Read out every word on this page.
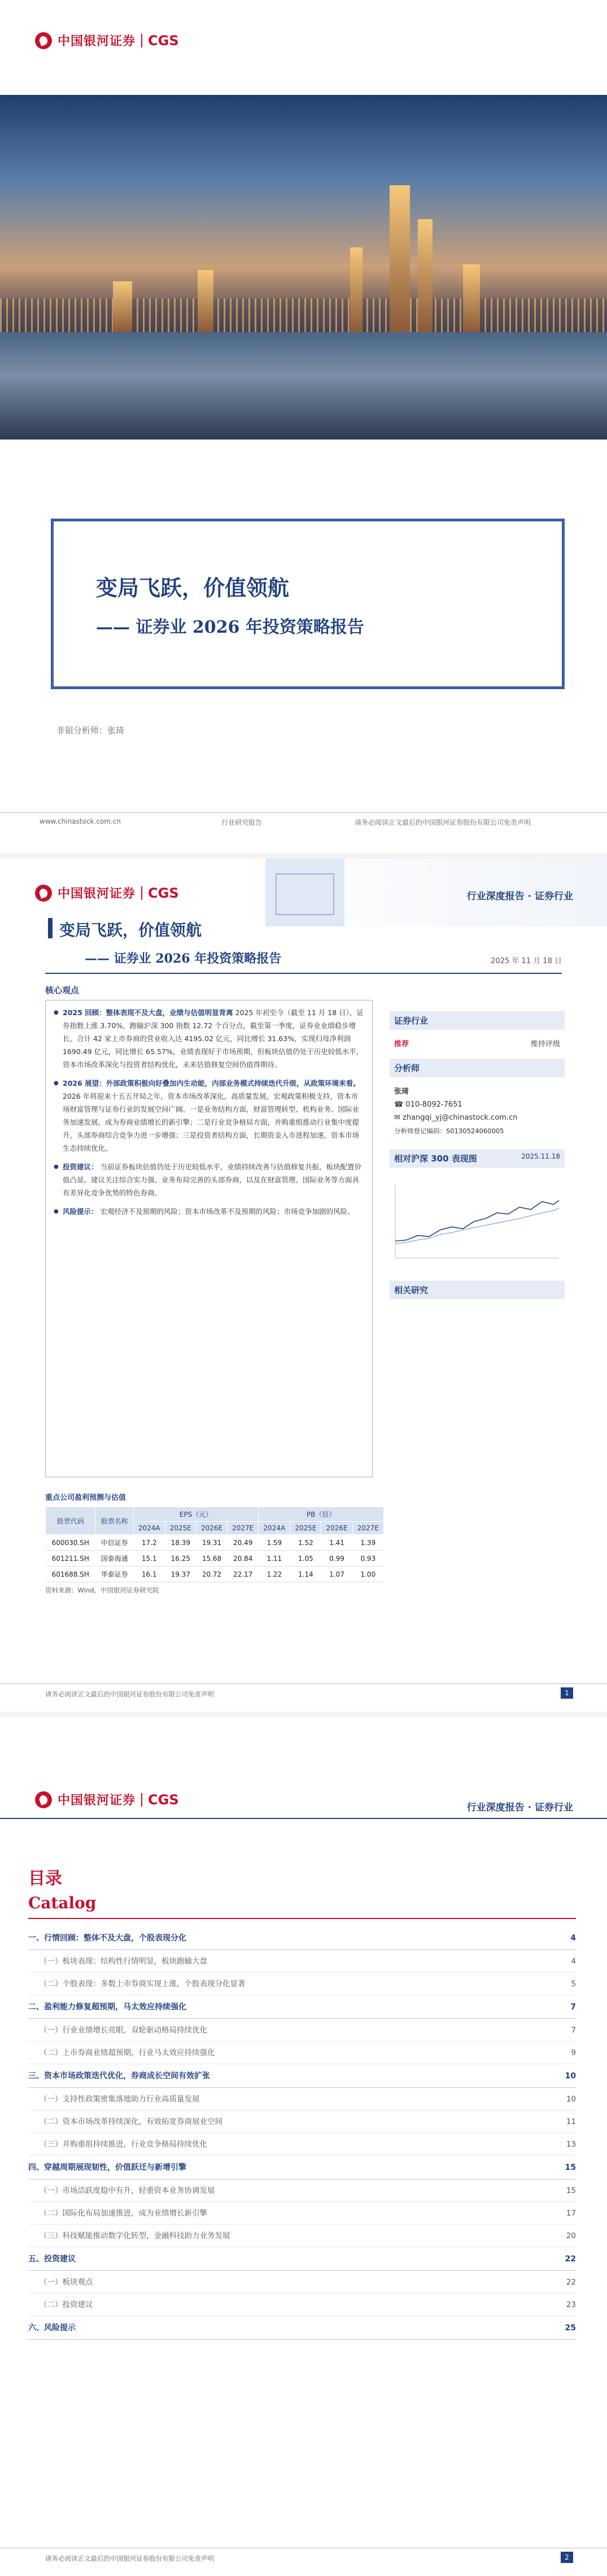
中国银河证券 CGS
变局飞跃，价值领航
—— 证券业 2026 年投资策略报告
非银分析师：张琦
www.chinastock.com.cn	行业研究报告	请务必阅读正文最后的中国银河证券股份有限公司免责声明
中国银河证券 CGS	行业深度报告 · 证券行业
变局飞跃，价值领航
—— 证券业 2026 年投资策略报告	2025 年 11 月 18 日
核心观点

● 2025 回顾：整体表现不及大盘，业绩与估值明显背离 2025 年初至今（截至 11 月 18 日），证券指数上涨 3.70%，跑输沪深 300 指数 12.72 个百分点，截至第一季度，证券业业绩稳步增长，合计 42 家上市券商的营业收入达 4195.02 亿元，同比增长 31.63%，实现归母净利润 1690.49 亿元，同比增长 65.57%，业绩表现好于市场预期，但板块估值仍处于历史较低水平，资本市场改革深化与投资者结构优化，未来估值修复空间仍值得期待。

● 2026 展望：外部政策积极向好叠加内生动能，内部业务模式持续迭代升级，从政策环境来看。 2026 年将迎来十五五开局之年，资本市场改革深化，高质量发展，宏观政策积极支持，资本市场财富管理与证券行业的发展空间广阔。一是业务结构方面，财富管理转型、机构业务、国际业务加速发展，成为券商业绩增长的新引擎；二是行业竞争格局方面，并购重组推动行业集中度提升，头部券商综合竞争力进一步增强；三是投资者结构方面，长期资金入市进程加速，资本市场生态持续优化。

● 投资建议： 当前证券板块估值仍处于历史较低水平，业绩持续改善与估值修复共振，板块配置价值凸显。建议关注综合实力强、业务布局完善的头部券商，以及在财富管理、国际业务等方面具有差异化竞争优势的特色券商。

● 风险提示： 宏观经济不及预期的风险；资本市场改革不及预期的风险；市场竞争加剧的风险。

证券行业
推荐	维持评级
分析师
张琦
☎ 010-8092-7651
✉ zhangqi_yj@chinastock.com.cn
分析师登记编码：S0130524060005
相对沪深 300 表现图	2025.11.18
相关研究
重点公司盈利预测与估值
股票代码	股票名称	EPS（元）				PB（倍）			
		2024A	2025E	2026E	2027E	2024A	2025E	2026E	2027E
600030.SH	中信证券	17.2	18.39	19.31	20.49	1.59	1.52	1.41	1.39
601211.SH	国泰海通	15.1	16.25	15.68	20.84	1.11	1.05	0.99	0.93
601688.SH	华泰证券	16.1	19.37	20.72	22.17	1.22	1.14	1.07	1.00
资料来源：Wind，中国银河证券研究院
请务必阅读正文最后的中国银河证券股份有限公司免责声明	1
中国银河证券 CGS
行业深度报告 · 证券行业
目录
Catalog
一、行情回顾：整体不及大盘，个股表现分化	4
（一）板块表现：结构性行情明显，板块跑输大盘	4
（二）个股表现：多数上市券商实现上涨，个股表现分化显著	5
二、盈利能力修复超预期，马太效应持续强化	7
（一）行业业绩增长亮眼，双轮驱动格局持续优化	7
（二）上市券商业绩超预期，行业马太效应持续强化	9
三、资本市场政策迭代优化，券商成长空间有效扩张	10
（一）支持性政策密集落地助力行业高质量发展	10
（二）资本市场改革持续深化，有效拓宽券商展业空间	11
（三）并购重组持续推进，行业竞争格局持续优化	13
四、穿越周期展现韧性，价值跃迁与新增引擎	15
（一）市场活跃度稳中有升，轻重资本业务协调发展	15
（二）国际化布局加速推进，成为业绩增长新引擎	17
（三）科技赋能推动数字化转型，金融科技助力业务发展	20
五、投资建议	22
（一）板块观点	22
（二）投资建议	23
六、风险提示	25
请务必阅读正文最后的中国银河证券股份有限公司免责声明	2
